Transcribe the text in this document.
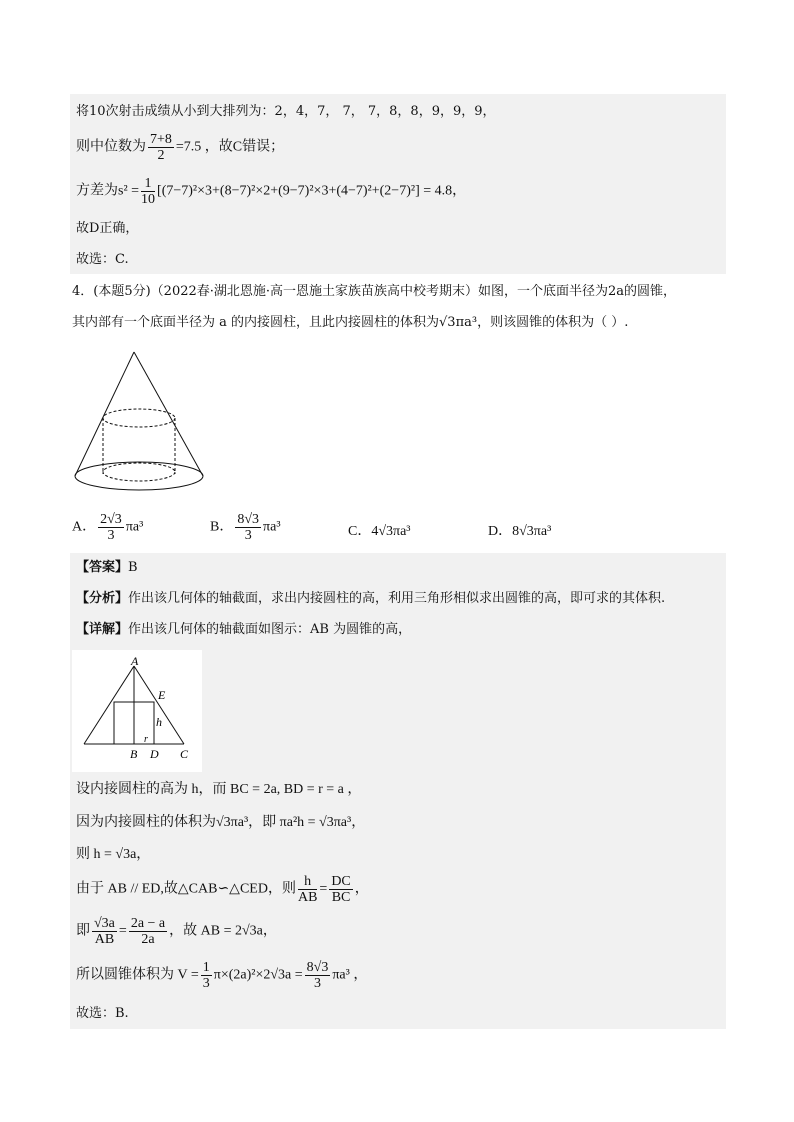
将10次射击成绩从小到大排列为：2，4，7， 7， 7，8，8，9，9，9，
则中位数为 $\frac{7+8}{2} =7.5$ ，故C错误；
方差为$s^2 = \frac{1}{10} [(7-7)^2\times 3+(8-7)^2\times 2+(9-7)^2\times 3+(4-7)^2+(2-7)^2] = 4.8$，
故D正确，
故选：C.
4．(本题5分)（2022春·湖北恩施·高一恩施土家族苗族高中校考期末）如图，一个底面半径为2a的圆锥，
其内部有一个底面半径为 a 的内接圆柱，且此内接圆柱的体积为√3πa³，则该圆锥的体积为（ ）.
A． $\frac{2√3}{3} \pi a^3$	B． $\frac{8√3}{3} \pi a^3$	C．4√3πa³	D．8√3πa³
【答案】B
【分析】作出该几何体的轴截面，求出内接圆柱的高，利用三角形相似求出圆锥的高，即可求的其体积.
【详解】作出该几何体的轴截面如图示：AB 为圆锥的高，
A
E
h
r
B D C
设内接圆柱的高为 h，而 BC = 2a, BD = r = a ，
因为内接圆柱的体积为√3πa³，即 πa²h = √3πa³，
则 h = √3a，
由于 AB // ED,故△CAB∽△CED，则 $\frac{h}{AB} = \frac{DC}{BC}$ ，
即 $\frac{√3a}{AB} = \frac{2a - a}{2a}$ ，故 AB = 2√3a，
所以圆锥体积为 $V = \frac{1}{3} \pi\times(2a)^2\times 2√3a = \frac{8√3}{3} \pi a^3$ ，
故选：B.
